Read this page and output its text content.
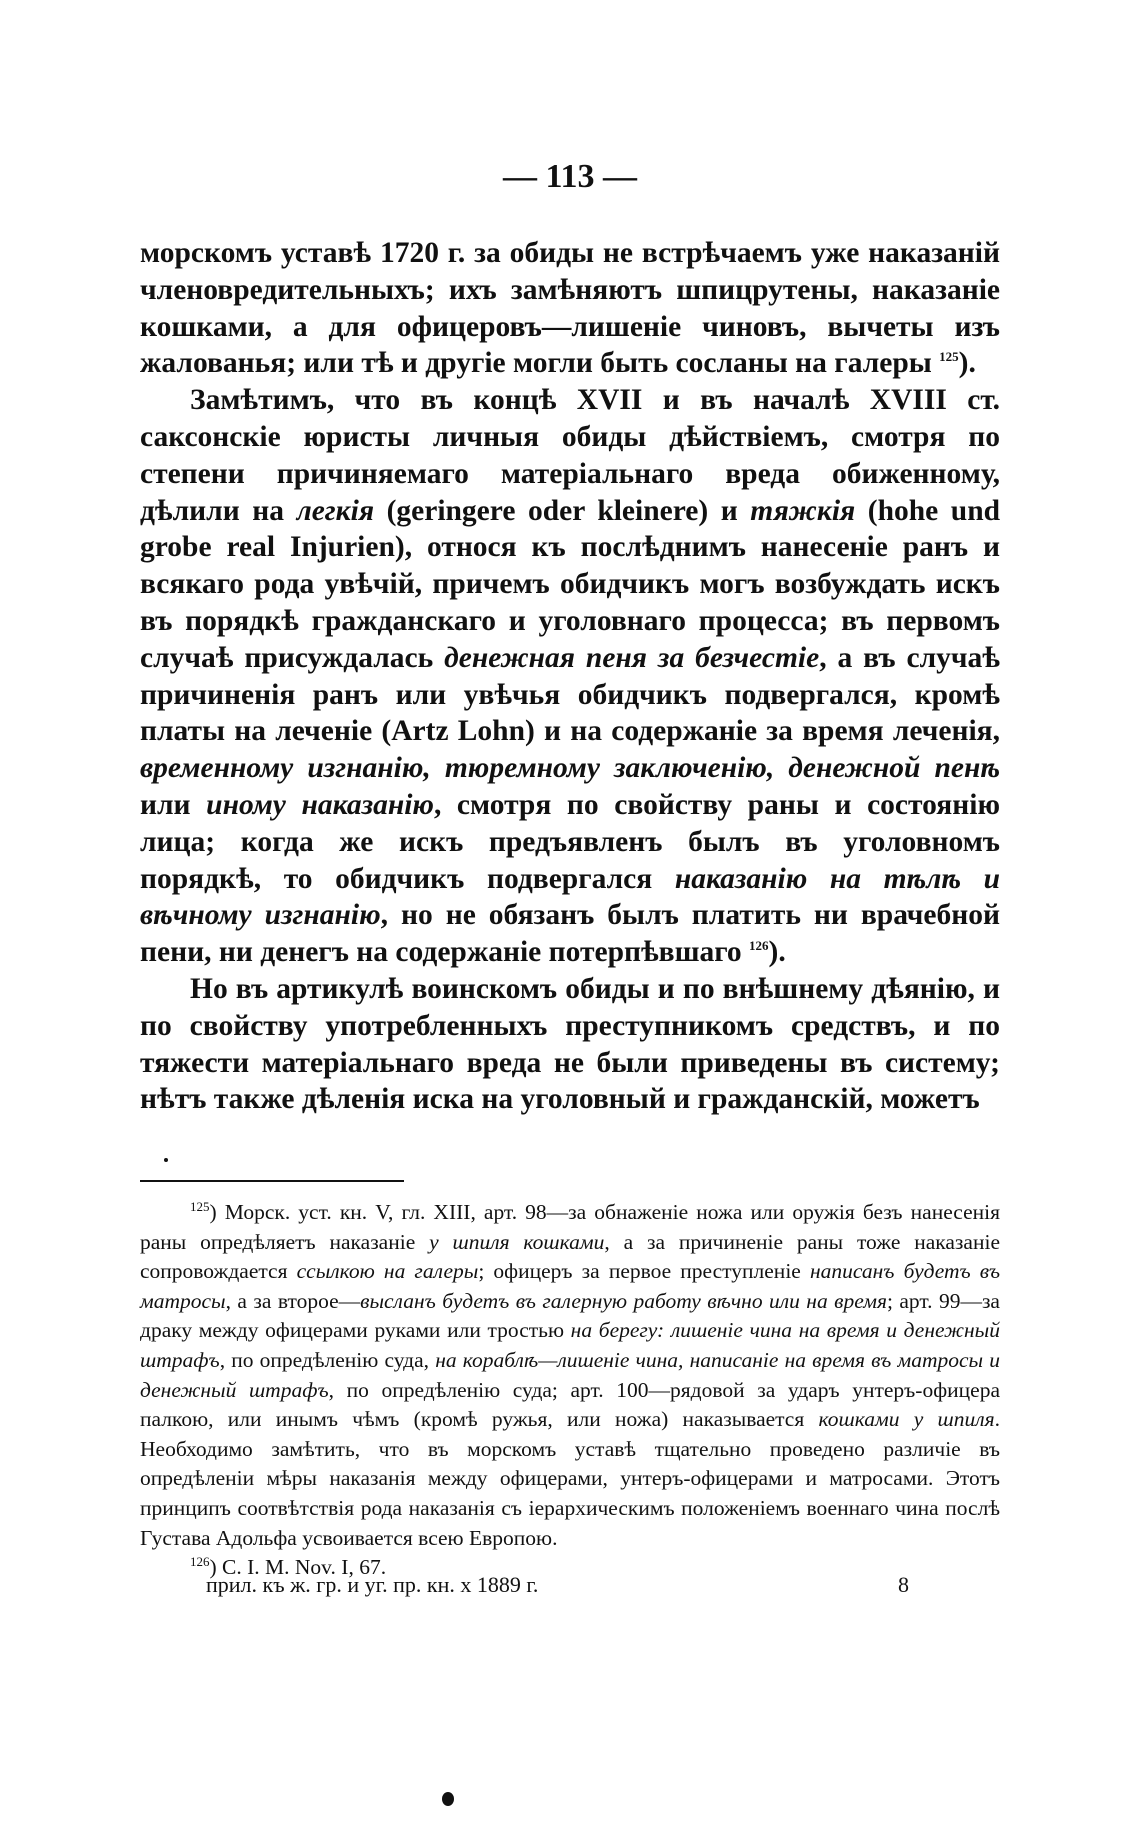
— 113 —

морскомъ уставѣ 1720 г. за обиды не встрѣчаемъ уже наказаній членовредительныхъ; ихъ замѣняютъ шпицрутены, наказаніе кошками, а для офицеровъ—лишеніе чиновъ, вычеты изъ жалованья; или тѣ и другіе могли быть сосланы на галеры $^{125}$).

Замѣтимъ, что въ концѣ XVII и въ началѣ XVIII ст. саксонскіе юристы личныя обиды дѣйствіемъ, смотря по степени причиняемаго матеріальнаго вреда обиженному, дѣлили на легкія (geringere oder kleinere) и тяжкія (hohe und grobe real Injurien), относя къ послѣднимъ нанесеніе ранъ и всякаго рода увѣчій, причемъ обидчикъ могъ возбуждать искъ въ порядкѣ гражданскаго и уголовнаго процесса; въ первомъ случаѣ присуждалась денежная пеня за безчестіе, а въ случаѣ причиненія ранъ или увѣчья обидчикъ подвергался, кромѣ платы на леченіе (Artz Lohn) и на содержаніе за время леченія, временному изгнанію, тюремному заключенію, денежной пенѣ или иному наказанію, смотря по свойству раны и состоянію лица; когда же искъ предъявленъ былъ въ уголовномъ порядкѣ, то обидчикъ подвергался наказанію на тѣлѣ и вѣчному изгнанію, но не обязанъ былъ платить ни врачебной пени, ни денегъ на содержаніе потерпѣвшаго $^{126}$).

Но въ артикулѣ воинскомъ обиды и по внѣшнему дѣянію, и по свойству употребленныхъ преступникомъ средствъ, и по тяжести матеріальнаго вреда не были приведены въ систему; нѣтъ также дѣленія иска на уголовный и гражданскій, можетъ

$^{125}$) Морск. уст. кн. V, гл. XIII, арт. 98—за обнаженіе ножа или оружія безъ нанесенія раны опредѣляетъ наказаніе у шпиля кошками, а за причиненіе раны тоже наказаніе сопровождается ссылкою на галеры; офицеръ за первое преступленіе написанъ будетъ въ матросы, а за второе—выcланъ будетъ въ галерную работу вѣчно или на время; арт. 99—за драку между офицерами руками или тростью на берегу: лишеніе чина на время и денежный штрафъ, по опредѣленію суда, на кораблѣ—лишеніе чина, написаніе на время въ матросы и денежный штрафъ, по опредѣленію суда; арт. 100—рядовой за ударъ унтеръ-офицера палкою, или инымъ чѣмъ (кромѣ ружья, или ножа) наказывается кошками у шпиля. Необходимо замѣтить, что въ морскомъ уставѣ тщательно проведено различіе въ опредѣленіи мѣры наказанія между офицерами, унтеръ-офицерами и матросами. Этотъ принципъ соотвѣтствія рода наказанія съ іерархическимъ положеніемъ военнаго чина послѣ Густава Адольфа усвоивается всею Европою.

$^{126}$) C. I. M. Nov. I, 67.

прил. къ ж. гр. и уг. пр. кн. х 1889 г.	8
